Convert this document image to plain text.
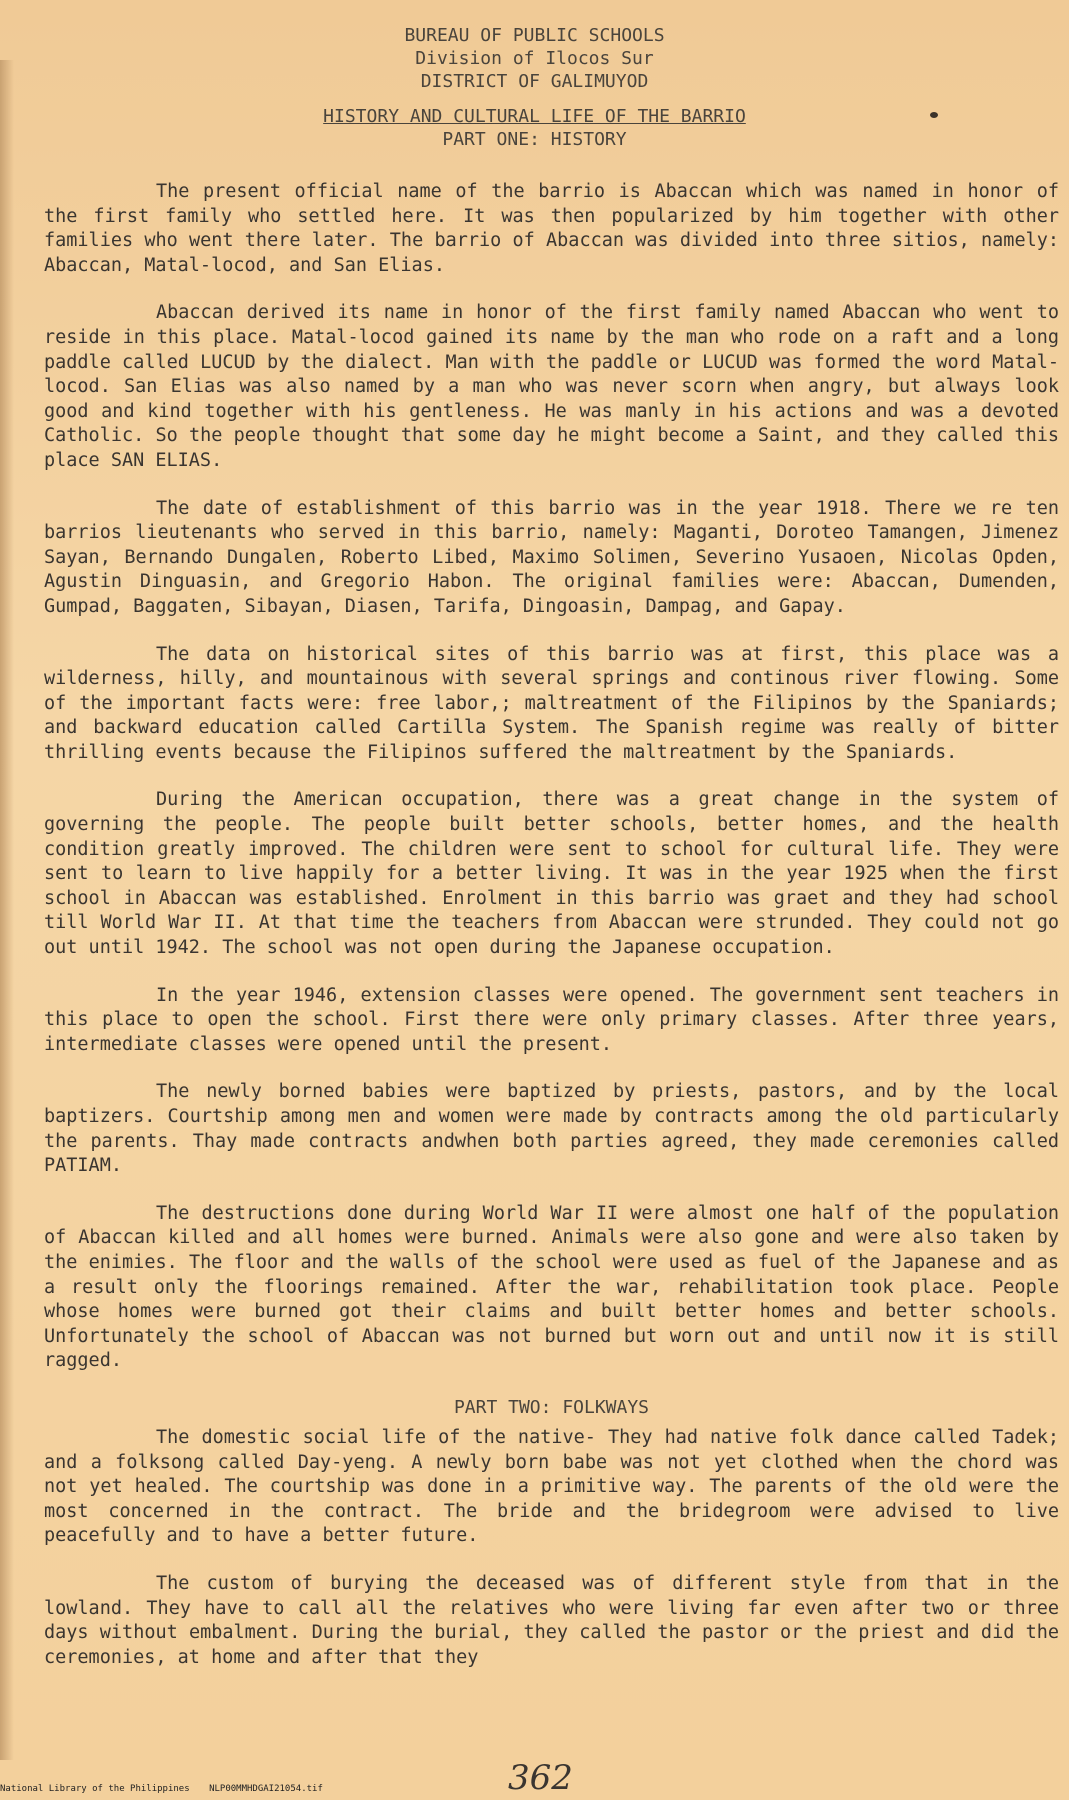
BUREAU OF PUBLIC SCHOOLS
Division of Ilocos Sur
DISTRICT OF GALIMUYOD
HISTORY AND CULTURAL LIFE OF THE BARRIO
PART ONE: HISTORY

The present official name of the barrio is Abaccan which was named in honor of the first family who settled here. It was then popularized by him together with other families who went there later. The barrio of Abaccan was divided into three sitios, namely: Abaccan, Matal-locod, and San Elias.

Abaccan derived its name in honor of the first family named Abaccan who went to reside in this place. Matal-locod gained its name by the man who rode on a raft and a long paddle called LUCUD by the dialect. Man with the paddle or LUCUD was formed the word Matal-locod. San Elias was also named by a man who was never scorn when angry, but always look good and kind together with his gentleness. He was manly in his actions and was a devoted Catholic. So the people thought that some day he might become a Saint, and they called this place SAN ELIAS.

The date of establishment of this barrio was in the year 1918. There we re ten barrios lieutenants who served in this barrio, namely: Maganti, Doroteo Tamangen, Jimenez Sayan, Bernando Dungalen, Roberto Libed, Maximo Solimen, Severino Yusaoen, Nicolas Opden, Agustin Dinguasin, and Gregorio Habon. The original families were: Abaccan, Dumenden, Gumpad, Baggaten, Sibayan, Diasen, Tarifa, Dingoasin, Dampag, and Gapay.

The data on historical sites of this barrio was at first, this place was a wilderness, hilly, and mountainous with several springs and continous river flowing. Some of the important facts were: free labor,; maltreatment of the Filipinos by the Spaniards; and backward education called Cartilla System. The Spanish regime was really of bitter thrilling events because the Filipinos suffered the maltreatment by the Spaniards.

During the American occupation, there was a great change in the system of governing the people. The people built better schools, better homes, and the health condition greatly improved. The children were sent to school for cultural life. They were sent to learn to live happily for a better living. It was in the year 1925 when the first school in Abaccan was established. Enrolment in this barrio was graet and they had school till World War II. At that time the teachers from Abaccan were strunded. They could not go out until 1942. The school was not open during the Japanese occupation.

In the year 1946, extension classes were opened. The government sent teachers in this place to open the school. First there were only primary classes. After three years, intermediate classes were opened until the present.

The newly borned babies were baptized by priests, pastors, and by the local baptizers. Courtship among men and women were made by contracts among the old particularly the parents. Thay made contracts andwhen both parties agreed, they made ceremonies called PATIAM.

The destructions done during World War II were almost one half of the population of Abaccan killed and all homes were burned. Animals were also gone and were also taken by the enimies. The floor and the walls of the school were used as fuel of the Japanese and as a result only the floorings remained. After the war, rehabilitation took place. People whose homes were burned got their claims and built better homes and better schools. Unfortunately the school of Abaccan was not burned but worn out and until now it is still ragged.

PART TWO: FOLKWAYS

The domestic social life of the native- They had native folk dance called Tadek; and a folksong called Day-yeng. A newly born babe was not yet clothed when the chord was not yet healed. The courtship was done in a primitive way. The parents of the old were the most concerned in the contract. The bride and the bridegroom were advised to live peacefully and to have a better future.

The custom of burying the deceased was of different style from that in the lowland. They have to call all the relatives who were living far even after two or three days without embalment. During the burial, they called the pastor or the priest and did the ceremonies, at home and after that they

National Library of the Philippines NLP00MMHDGAI21054.tif	362
